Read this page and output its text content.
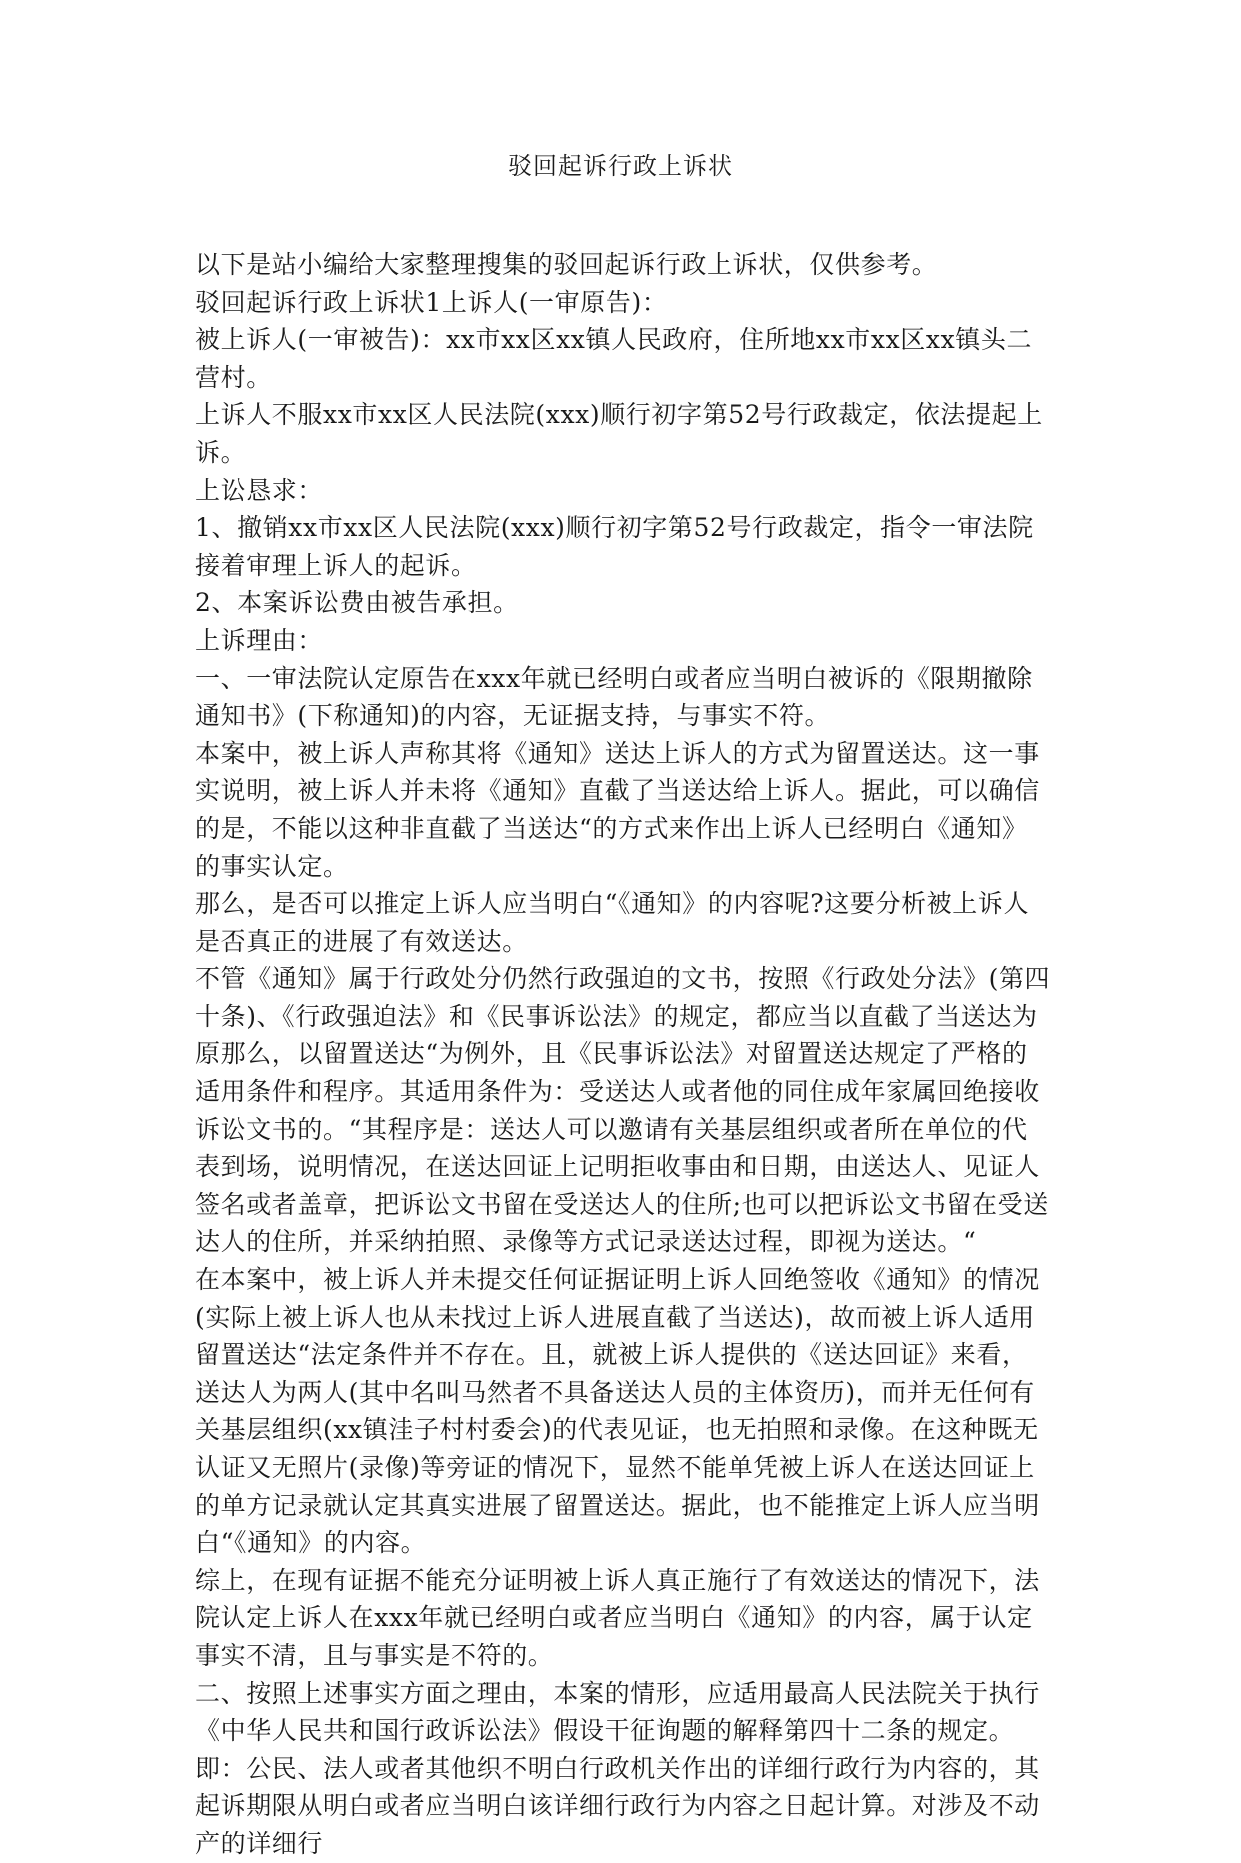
驳回起诉行政上诉状

以下是站小编给大家整理搜集的驳回起诉行政上诉状，仅供参考。

驳回起诉行政上诉状1上诉人(一审原告)：

被上诉人(一审被告)：xx市xx区xx镇人民政府，住所地xx市xx区xx镇头二营村。

上诉人不服xx市xx区人民法院(xxx)顺行初字第52号行政裁定，依法提起上诉。

上讼恳求：

1、撤销xx市xx区人民法院(xxx)顺行初字第52号行政裁定，指令一审法院接着审理上诉人的起诉。

2、本案诉讼费由被告承担。

上诉理由：

一、一审法院认定原告在xxx年就已经明白或者应当明白被诉的《限期撤除通知书》(下称通知)的内容，无证据支持，与事实不符。

本案中，被上诉人声称其将《通知》送达上诉人的方式为留置送达。这一事实说明，被上诉人并未将《通知》直截了当送达给上诉人。据此，可以确信的是，不能以这种非直截了当送达“的方式来作出上诉人已经明白《通知》的事实认定。

那么，是否可以推定上诉人应当明白“《通知》的内容呢?这要分析被上诉人是否真正的进展了有效送达。

不管《通知》属于行政处分仍然行政强迫的文书，按照《行政处分法》(第四十条)、《行政强迫法》和《民事诉讼法》的规定，都应当以直截了当送达为原那么，以留置送达“为例外，且《民事诉讼法》对留置送达规定了严格的适用条件和程序。其适用条件为：受送达人或者他的同住成年家属回绝接收诉讼文书的。“其程序是：送达人可以邀请有关基层组织或者所在单位的代表到场，说明情况，在送达回证上记明拒收事由和日期，由送达人、见证人签名或者盖章，把诉讼文书留在受送达人的住所;也可以把诉讼文书留在受送达人的住所，并采纳拍照、录像等方式记录送达过程，即视为送达。“

在本案中，被上诉人并未提交任何证据证明上诉人回绝签收《通知》的情况(实际上被上诉人也从未找过上诉人进展直截了当送达)，故而被上诉人适用留置送达“法定条件并不存在。且，就被上诉人提供的《送达回证》来看，送达人为两人(其中名叫马然者不具备送达人员的主体资历)，而并无任何有关基层组织(xx镇洼子村村委会)的代表见证，也无拍照和录像。在这种既无认证又无照片(录像)等旁证的情况下，显然不能单凭被上诉人在送达回证上的单方记录就认定其真实进展了留置送达。据此，也不能推定上诉人应当明白“《通知》的内容。

综上，在现有证据不能充分证明被上诉人真正施行了有效送达的情况下，法院认定上诉人在xxx年就已经明白或者应当明白《通知》的内容，属于认定事实不清，且与事实是不符的。

二、按照上述事实方面之理由，本案的情形，应适用最高人民法院关于执行《中华人民共和国行政诉讼法》假设干征询题的解释第四十二条的规定。即：公民、法人或者其他织不明白行政机关作出的详细行政行为内容的，其起诉期限从明白或者应当明白该详细行政行为内容之日起计算。对涉及不动产的详细行
